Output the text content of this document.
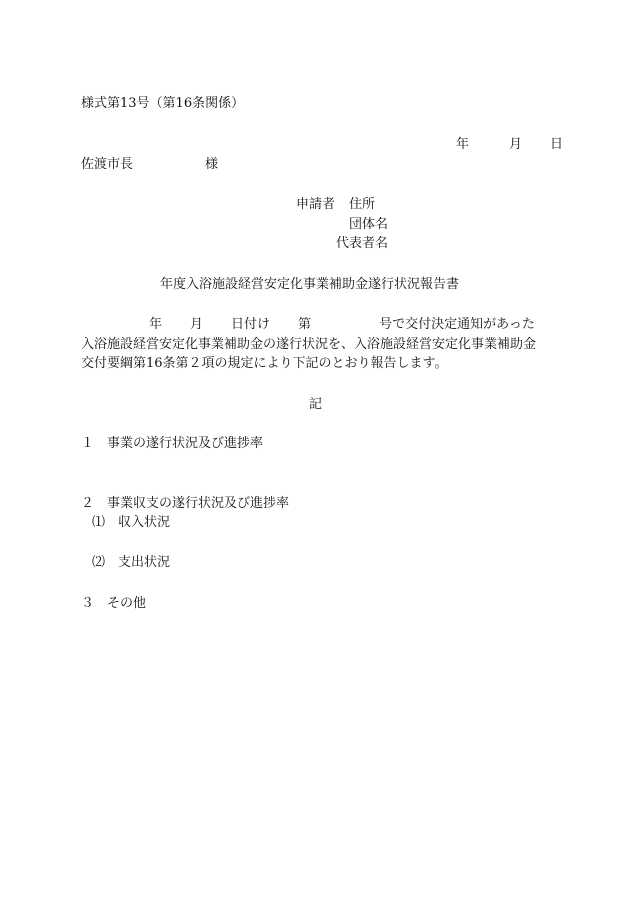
様式第13号（第16条関係）
年	月 日
佐渡市長	様
申請者 住所
団体名
代表者名
年度入浴施設経営安定化事業補助金遂行状況報告書
年 月 日付け 第	号で交付決定通知があった
入浴施設経営安定化事業補助金の遂行状況を、入浴施設経営安定化事業補助金
交付要綱第16条第２項の規定により下記のとおり報告します。
記
１ 事業の遂行状況及び進捗率
２ 事業収支の遂行状況及び進捗率
⑴ 収入状況
⑵ 支出状況
３ その他
